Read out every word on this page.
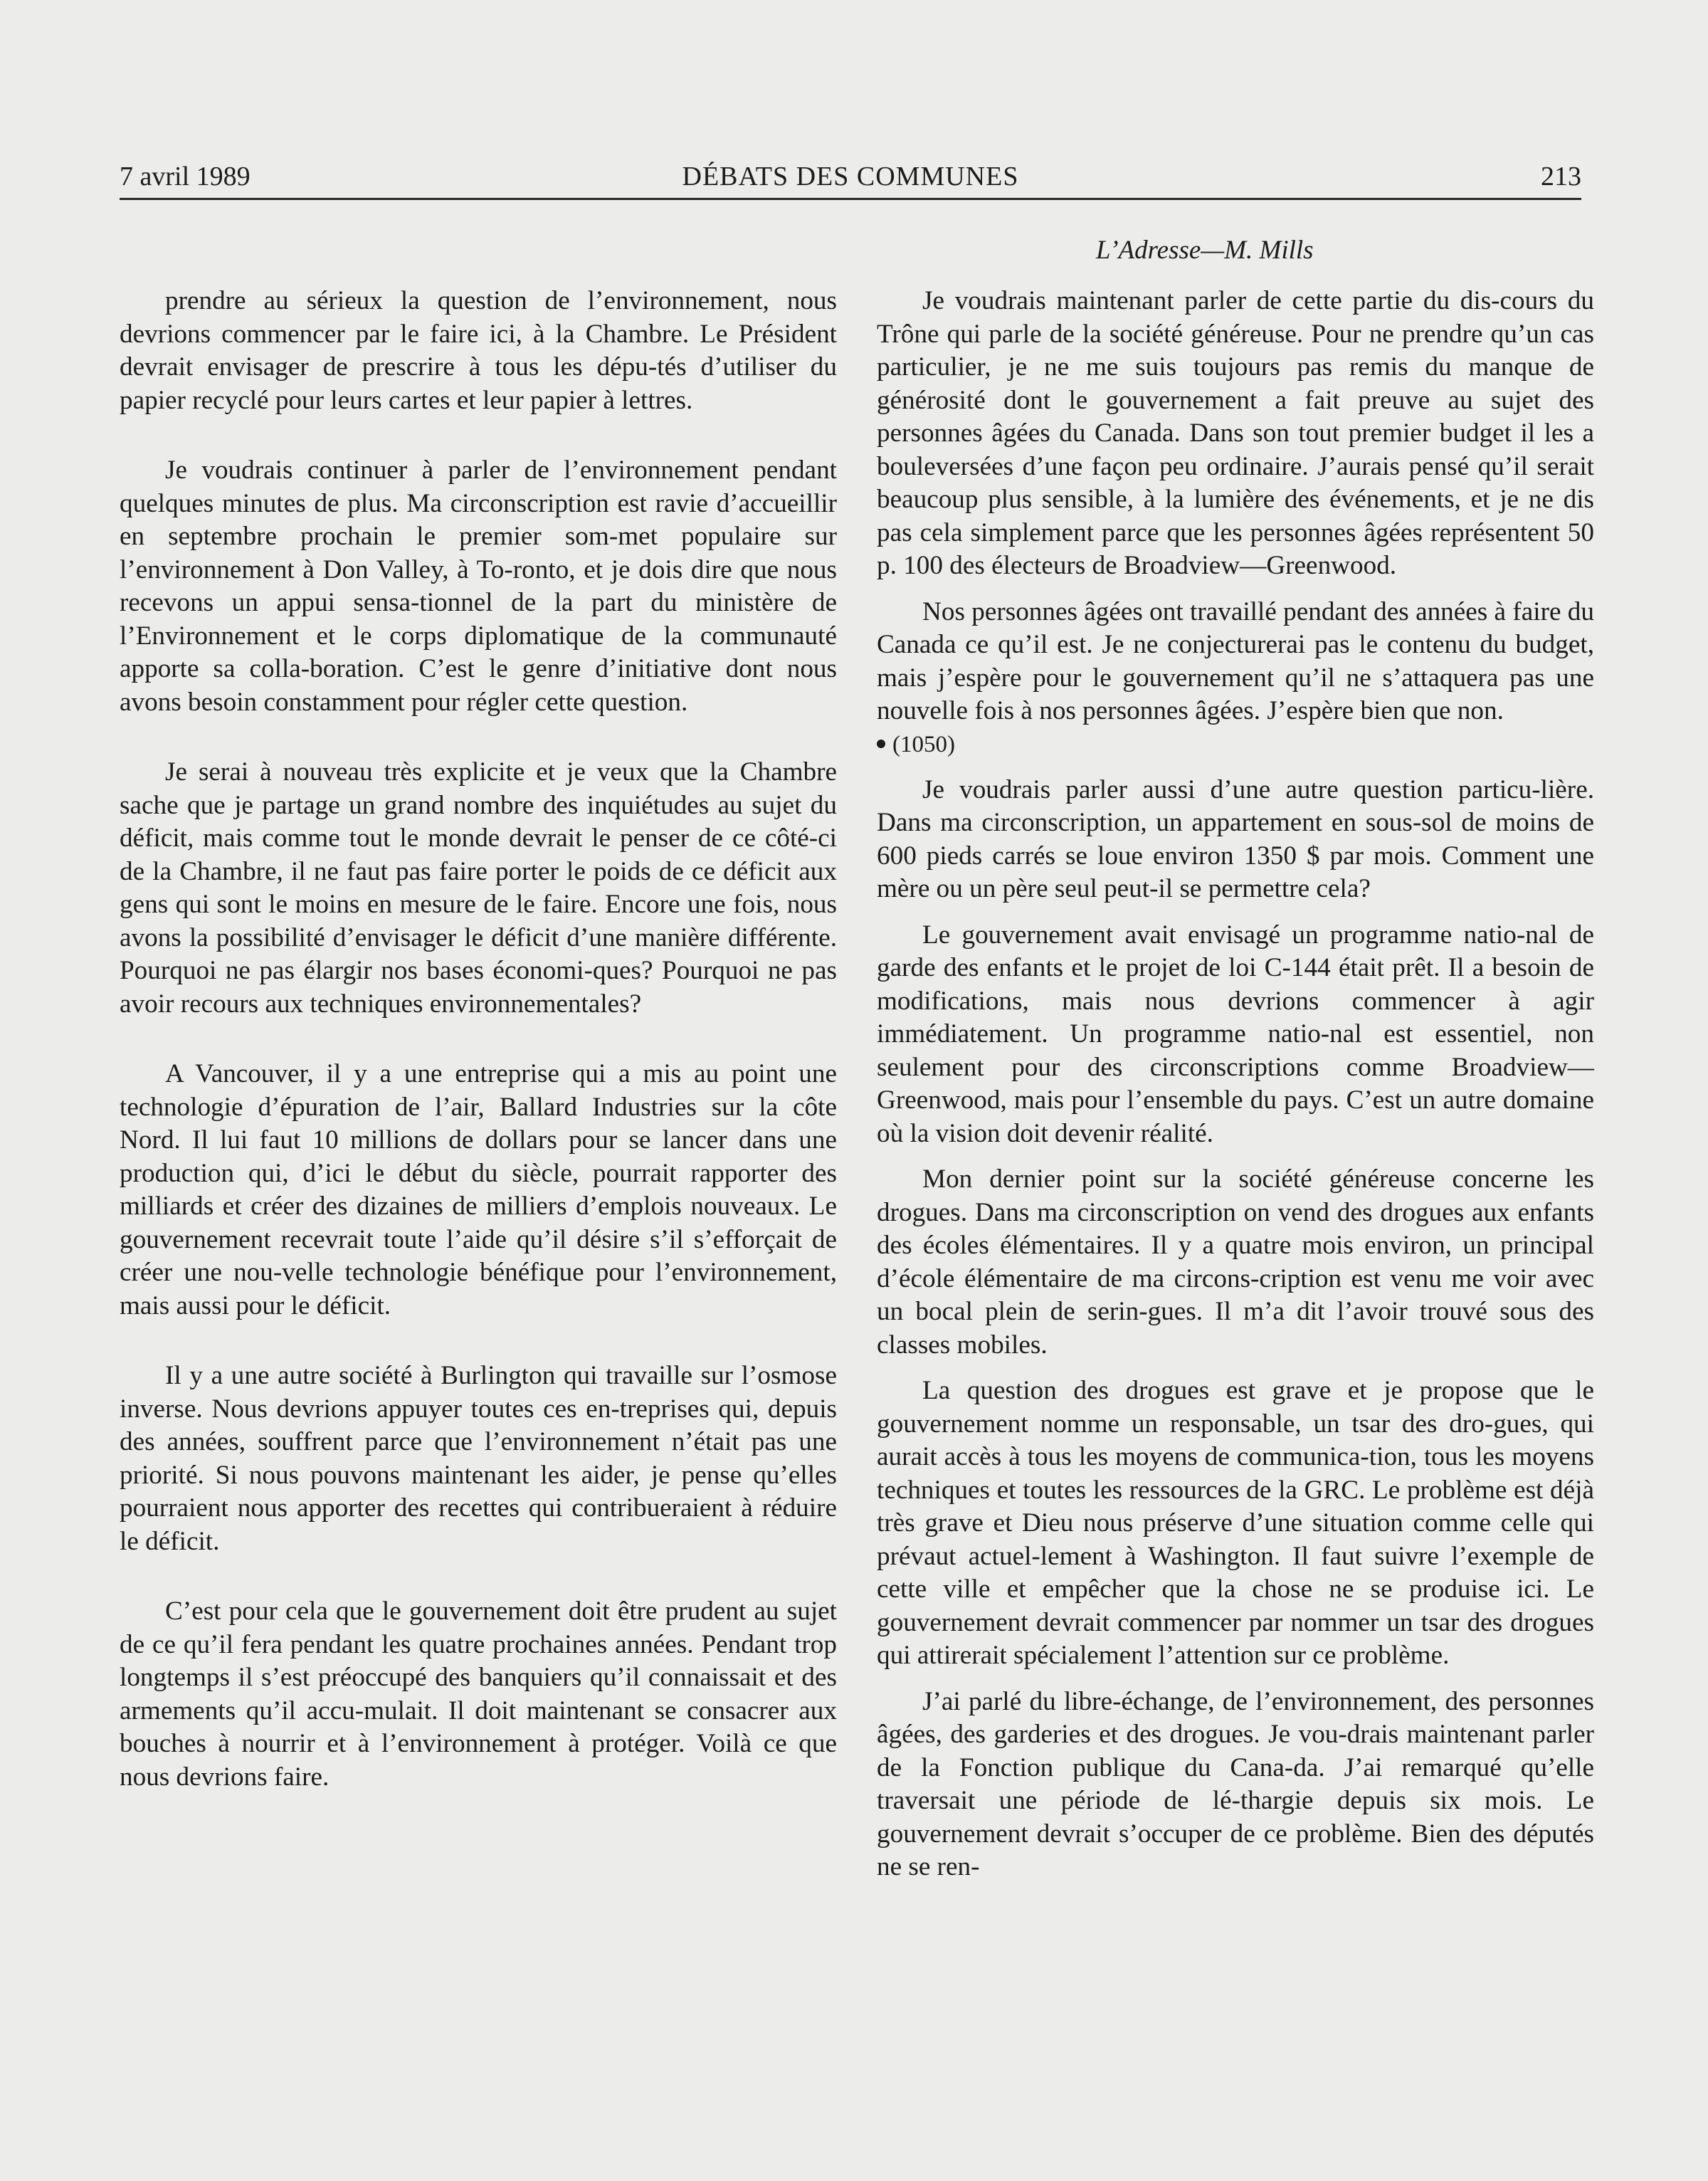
7 avril 1989	DÉBATS DES COMMUNES	213
L’Adresse—M. Mills

prendre au sérieux la question de l’environnement, nous devrions commencer par le faire ici, à la Chambre. Le Président devrait envisager de prescrire à tous les dépu-tés d’utiliser du papier recyclé pour leurs cartes et leur papier à lettres.

Je voudrais continuer à parler de l’environnement pendant quelques minutes de plus. Ma circonscription est ravie d’accueillir en septembre prochain le premier som-met populaire sur l’environnement à Don Valley, à To-ronto, et je dois dire que nous recevons un appui sensa-tionnel de la part du ministère de l’Environnement et le corps diplomatique de la communauté apporte sa colla-boration. C’est le genre d’initiative dont nous avons besoin constamment pour régler cette question.

Je serai à nouveau très explicite et je veux que la Chambre sache que je partage un grand nombre des inquiétudes au sujet du déficit, mais comme tout le monde devrait le penser de ce côté-ci de la Chambre, il ne faut pas faire porter le poids de ce déficit aux gens qui sont le moins en mesure de le faire. Encore une fois, nous avons la possibilité d’envisager le déficit d’une manière différente. Pourquoi ne pas élargir nos bases économi-ques? Pourquoi ne pas avoir recours aux techniques environnementales?

A Vancouver, il y a une entreprise qui a mis au point une technologie d’épuration de l’air, Ballard Industries sur la côte Nord. Il lui faut 10 millions de dollars pour se lancer dans une production qui, d’ici le début du siècle, pourrait rapporter des milliards et créer des dizaines de milliers d’emplois nouveaux. Le gouvernement recevrait toute l’aide qu’il désire s’il s’efforçait de créer une nou-velle technologie bénéfique pour l’environnement, mais aussi pour le déficit.

Il y a une autre société à Burlington qui travaille sur l’osmose inverse. Nous devrions appuyer toutes ces en-treprises qui, depuis des années, souffrent parce que l’environnement n’était pas une priorité. Si nous pouvons maintenant les aider, je pense qu’elles pourraient nous apporter des recettes qui contribueraient à réduire le déficit.

C’est pour cela que le gouvernement doit être prudent au sujet de ce qu’il fera pendant les quatre prochaines années. Pendant trop longtemps il s’est préoccupé des banquiers qu’il connaissait et des armements qu’il accu-mulait. Il doit maintenant se consacrer aux bouches à nourrir et à l’environnement à protéger. Voilà ce que nous devrions faire.

Je voudrais maintenant parler de cette partie du dis-cours du Trône qui parle de la société généreuse. Pour ne prendre qu’un cas particulier, je ne me suis toujours pas remis du manque de générosité dont le gouvernement a fait preuve au sujet des personnes âgées du Canada. Dans son tout premier budget il les a bouleversées d’une façon peu ordinaire. J’aurais pensé qu’il serait beaucoup plus sensible, à la lumière des événements, et je ne dis pas cela simplement parce que les personnes âgées représentent 50 p. 100 des électeurs de Broadview—Greenwood.

Nos personnes âgées ont travaillé pendant des années à faire du Canada ce qu’il est. Je ne conjecturerai pas le contenu du budget, mais j’espère pour le gouvernement qu’il ne s’attaquera pas une nouvelle fois à nos personnes âgées. J’espère bien que non.

(1050)

Je voudrais parler aussi d’une autre question particu-lière. Dans ma circonscription, un appartement en sous-sol de moins de 600 pieds carrés se loue environ 1350 $ par mois. Comment une mère ou un père seul peut-il se permettre cela?

Le gouvernement avait envisagé un programme natio-nal de garde des enfants et le projet de loi C-144 était prêt. Il a besoin de modifications, mais nous devrions commencer à agir immédiatement. Un programme natio-nal est essentiel, non seulement pour des circonscriptions comme Broadview—Greenwood, mais pour l’ensemble du pays. C’est un autre domaine où la vision doit devenir réalité.

Mon dernier point sur la société généreuse concerne les drogues. Dans ma circonscription on vend des drogues aux enfants des écoles élémentaires. Il y a quatre mois environ, un principal d’école élémentaire de ma circons-cription est venu me voir avec un bocal plein de serin-gues. Il m’a dit l’avoir trouvé sous des classes mobiles.

La question des drogues est grave et je propose que le gouvernement nomme un responsable, un tsar des dro-gues, qui aurait accès à tous les moyens de communica-tion, tous les moyens techniques et toutes les ressources de la GRC. Le problème est déjà très grave et Dieu nous préserve d’une situation comme celle qui prévaut actuel-lement à Washington. Il faut suivre l’exemple de cette ville et empêcher que la chose ne se produise ici. Le gouvernement devrait commencer par nommer un tsar des drogues qui attirerait spécialement l’attention sur ce problème.

J’ai parlé du libre-échange, de l’environnement, des personnes âgées, des garderies et des drogues. Je vou-drais maintenant parler de la Fonction publique du Cana-da. J’ai remarqué qu’elle traversait une période de lé-thargie depuis six mois. Le gouvernement devrait s’occuper de ce problème. Bien des députés ne se ren-
